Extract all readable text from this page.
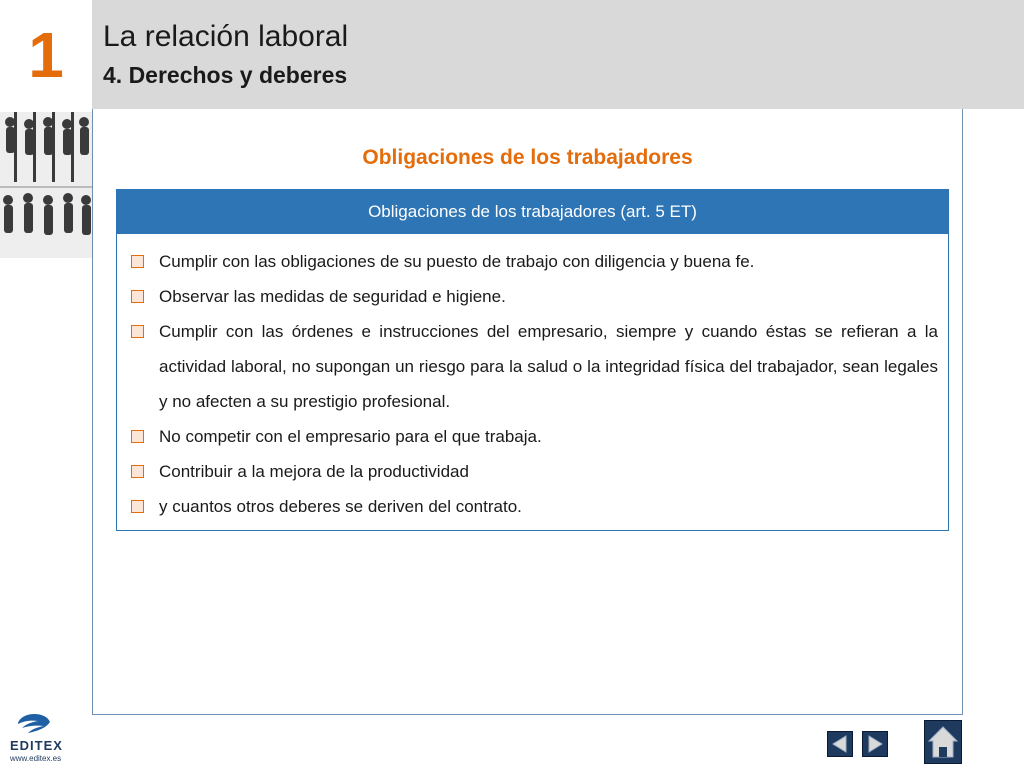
1	La relación laboral
4. Derechos y deberes
Obligaciones de los trabajadores
Obligaciones de los trabajadores (art. 5 ET)
Cumplir con las obligaciones de su puesto de trabajo con diligencia y buena fe.
Observar las medidas de seguridad e higiene.
Cumplir con las órdenes e instrucciones del empresario, siempre y cuando éstas se refieran a la actividad laboral, no supongan un riesgo para la salud o la integridad física del trabajador, sean legales y no afecten a su prestigio profesional.
No competir con el empresario para el que trabaja.
Contribuir a la mejora de la productividad
y cuantos otros deberes se deriven del contrato.
EDITEX
www.editex.es
